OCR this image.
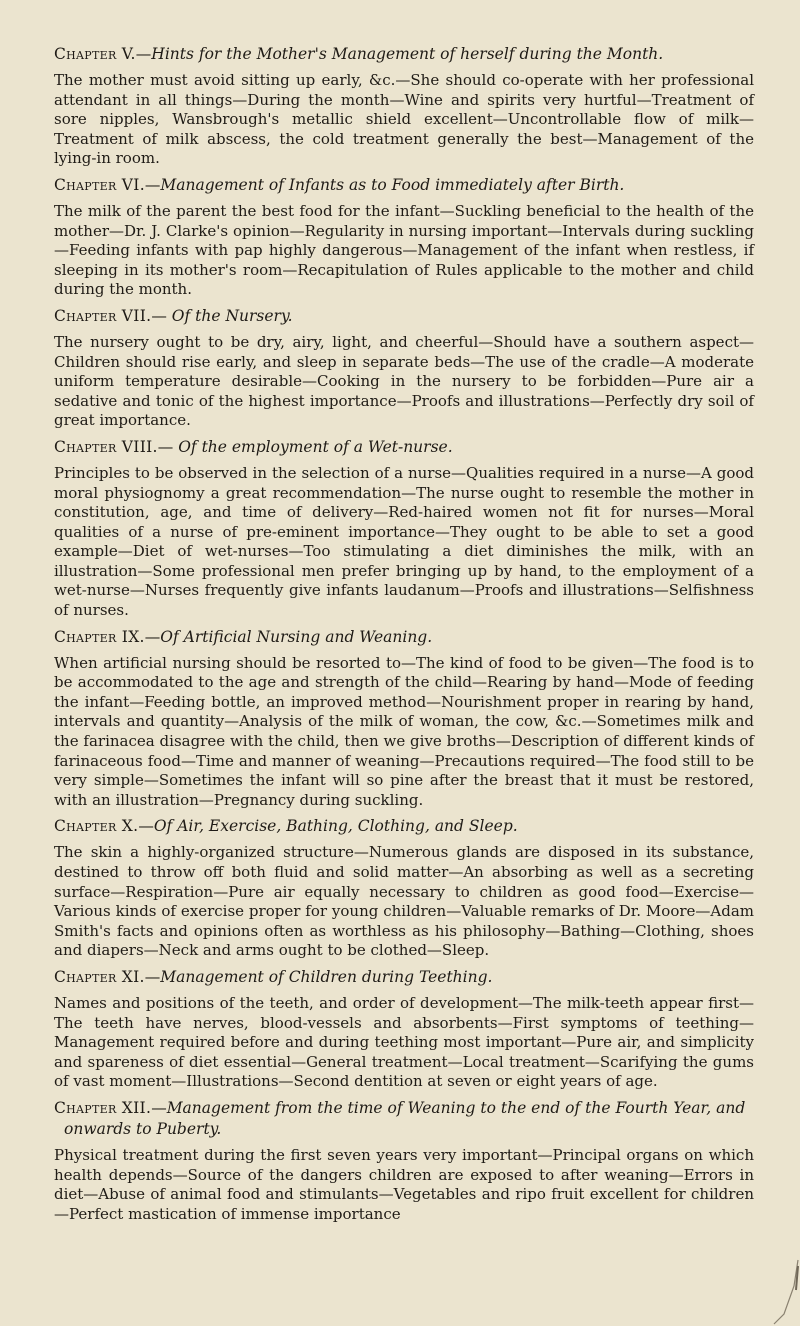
Chapter V.—Hints for the Mother's Management of herself during the Month.

The mother must avoid sitting up early, &c.—She should co-operate with her professional attendant in all things—During the month—Wine and spirits very hurtful—Treatment of sore nipples, Wansbrough's metallic shield excellent—Uncontrollable flow of milk—Treatment of milk abscess, the cold treatment generally the best—Management of the lying-in room.

Chapter VI.—Management of Infants as to Food immediately after Birth.

The milk of the parent the best food for the infant—Suckling beneficial to the health of the mother—Dr. J. Clarke's opinion—Regularity in nursing important—Intervals during suckling—Feeding infants with pap highly dangerous—Management of the infant when restless, if sleeping in its mother's room—Recapitulation of Rules applicable to the mother and child during the month.

Chapter VII.— Of the Nursery.

The nursery ought to be dry, airy, light, and cheerful—Should have a southern aspect—Children should rise early, and sleep in separate beds—The use of the cradle—A moderate uniform temperature desirable—Cooking in the nursery to be forbidden—Pure air a sedative and tonic of the highest importance—Proofs and illustrations—Perfectly dry soil of great importance.

Chapter VIII.— Of the employment of a Wet-nurse.

Principles to be observed in the selection of a nurse—Qualities required in a nurse—A good moral physiognomy a great recommendation—The nurse ought to resemble the mother in constitution, age, and time of delivery—Red-haired women not fit for nurses—Moral qualities of a nurse of pre-eminent importance—They ought to be able to set a good example—Diet of wet-nurses—Too stimulating a diet diminishes the milk, with an illustration—Some professional men prefer bringing up by hand, to the employment of a wet-nurse—Nurses frequently give infants laudanum—Proofs and illustrations—Selfishness of nurses.

Chapter IX.—Of Artificial Nursing and Weaning.

When artificial nursing should be resorted to—The kind of food to be given—The food is to be accommodated to the age and strength of the child—Rearing by hand—Mode of feeding the infant—Feeding bottle, an improved method—Nourishment proper in rearing by hand, intervals and quantity—Analysis of the milk of woman, the cow, &c.—Sometimes milk and the farinacea disagree with the child, then we give broths—Description of different kinds of farinaceous food—Time and manner of weaning—Precautions required—The food still to be very simple—Sometimes the infant will so pine after the breast that it must be restored, with an illustration—Pregnancy during suckling.

Chapter X.—Of Air, Exercise, Bathing, Clothing, and Sleep.

The skin a highly-organized structure—Numerous glands are disposed in its substance, destined to throw off both fluid and solid matter—An absorbing as well as a secreting surface—Respiration—Pure air equally necessary to children as good food—Exercise—Various kinds of exercise proper for young children—Valuable remarks of Dr. Moore—Adam Smith's facts and opinions often as worthless as his philosophy—Bathing—Clothing, shoes and diapers—Neck and arms ought to be clothed—Sleep.

Chapter XI.—Management of Children during Teething.

Names and positions of the teeth, and order of development—The milk-teeth appear first—The teeth have nerves, blood-vessels and absorbents—First symptoms of teething—Management required before and during teething most important—Pure air, and simplicity and spareness of diet essential—General treatment—Local treatment—Scarifying the gums of vast moment—Illustrations—Second dentition at seven or eight years of age.

Chapter XII.—Management from the time of Weaning to the end of the Fourth Year, and onwards to Puberty.

Physical treatment during the first seven years very important—Principal organs on which health depends—Source of the dangers children are exposed to after weaning—Errors in diet—Abuse of animal food and stimulants—Vegetables and ripo fruit excellent for children—Perfect mastication of immense importance
